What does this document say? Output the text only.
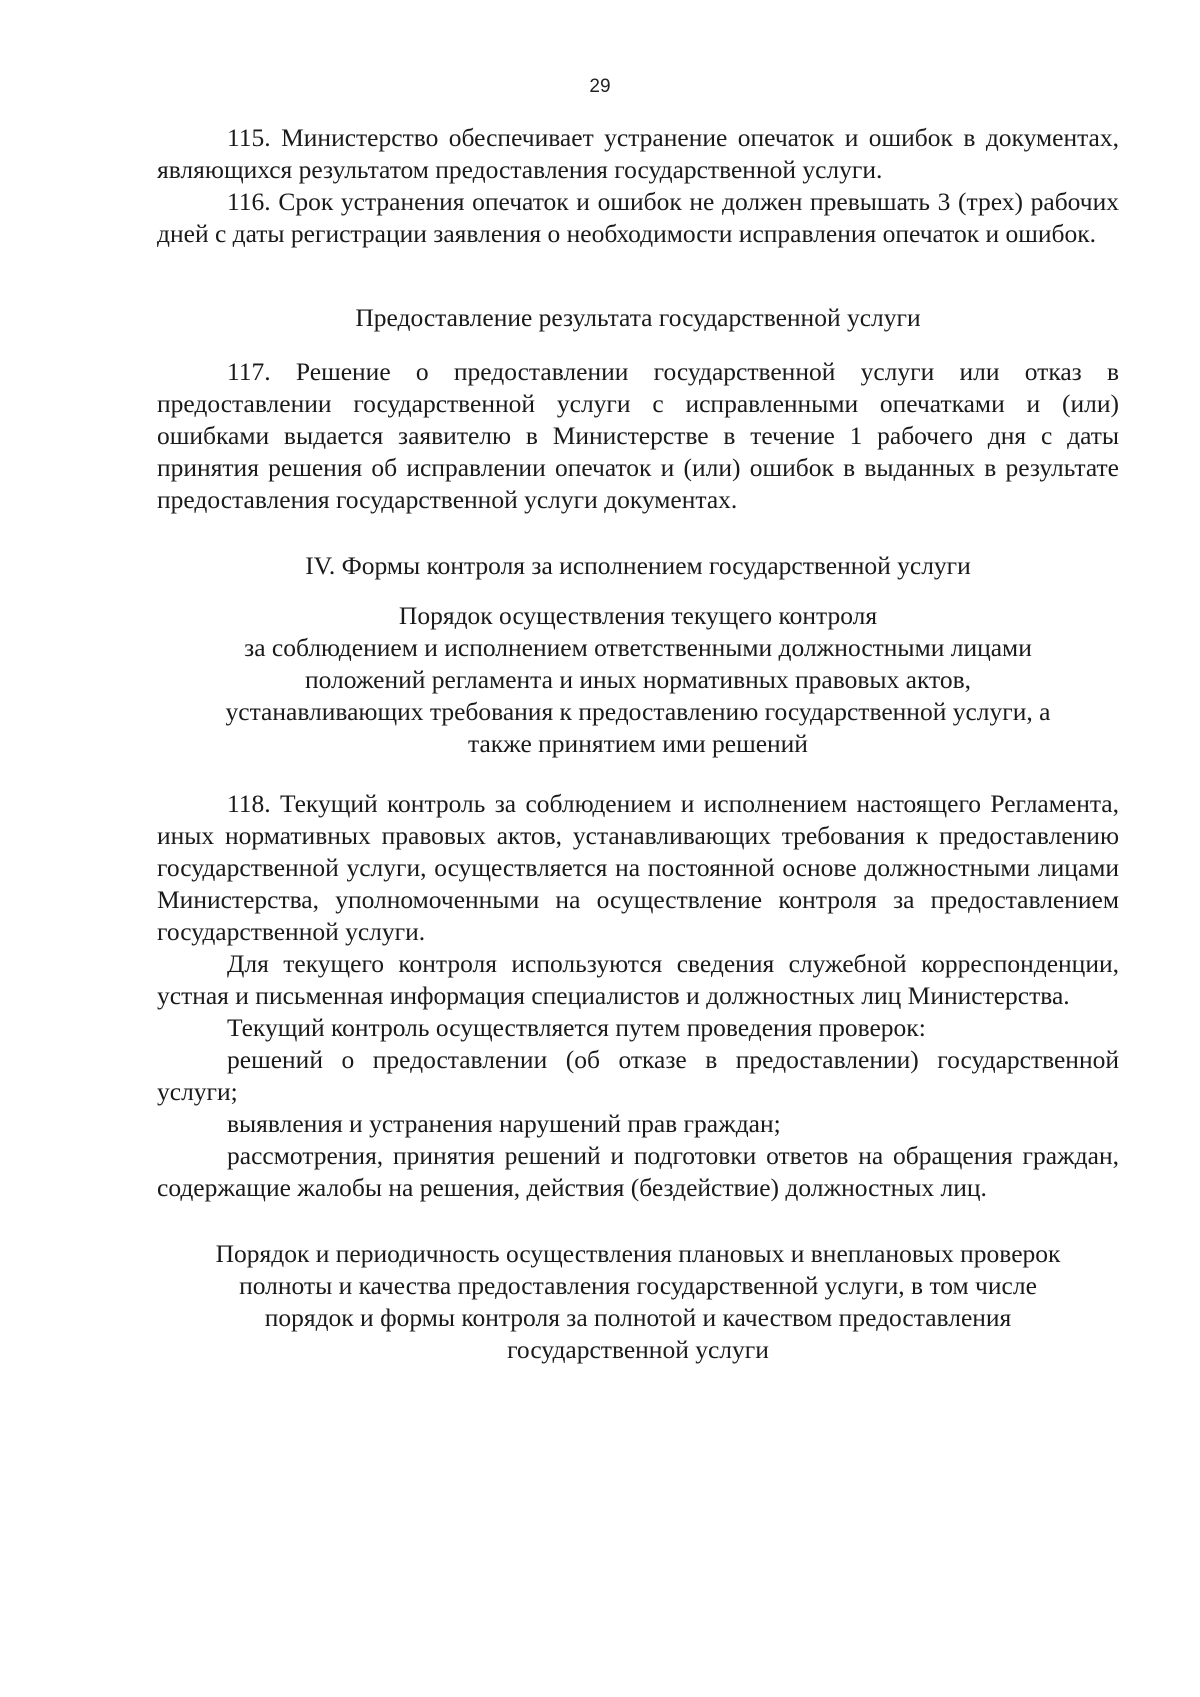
29

115. Министерство обеспечивает устранение опечаток и ошибок в документах, являющихся результатом предоставления государственной услуги.

116. Срок устранения опечаток и ошибок не должен превышать 3 (трех) рабочих дней с даты регистрации заявления о необходимости исправления опечаток и ошибок.

Предоставление результата государственной услуги

117. Решение о предоставлении государственной услуги или отказ в предоставлении государственной услуги с исправленными опечатками и (или) ошибками выдается заявителю в Министерстве в течение 1 рабочего дня с даты принятия решения об исправлении опечаток и (или) ошибок в выданных в результате предоставления государственной услуги документах.

IV. Формы контроля за исполнением государственной услуги
Порядок осуществления текущего контроля
за соблюдением и исполнением ответственными должностными лицами
положений регламента и иных нормативных правовых актов,
устанавливающих требования к предоставлению государственной услуги, а
также принятием ими решений

118. Текущий контроль за соблюдением и исполнением настоящего Регламента, иных нормативных правовых актов, устанавливающих требования к предоставлению государственной услуги, осуществляется на постоянной основе должностными лицами Министерства, уполномоченными на осуществление контроля за предоставлением государственной услуги.

Для текущего контроля используются сведения служебной корреспонденции, устная и письменная информация специалистов и должностных лиц Министерства.

Текущий контроль осуществляется путем проведения проверок:

решений о предоставлении (об отказе в предоставлении) государственной услуги;

выявления и устранения нарушений прав граждан;

рассмотрения, принятия решений и подготовки ответов на обращения граждан, содержащие жалобы на решения, действия (бездействие) должностных лиц.

Порядок и периодичность осуществления плановых и внеплановых проверок
полноты и качества предоставления государственной услуги, в том числе
порядок и формы контроля за полнотой и качеством предоставления
государственной услуги
